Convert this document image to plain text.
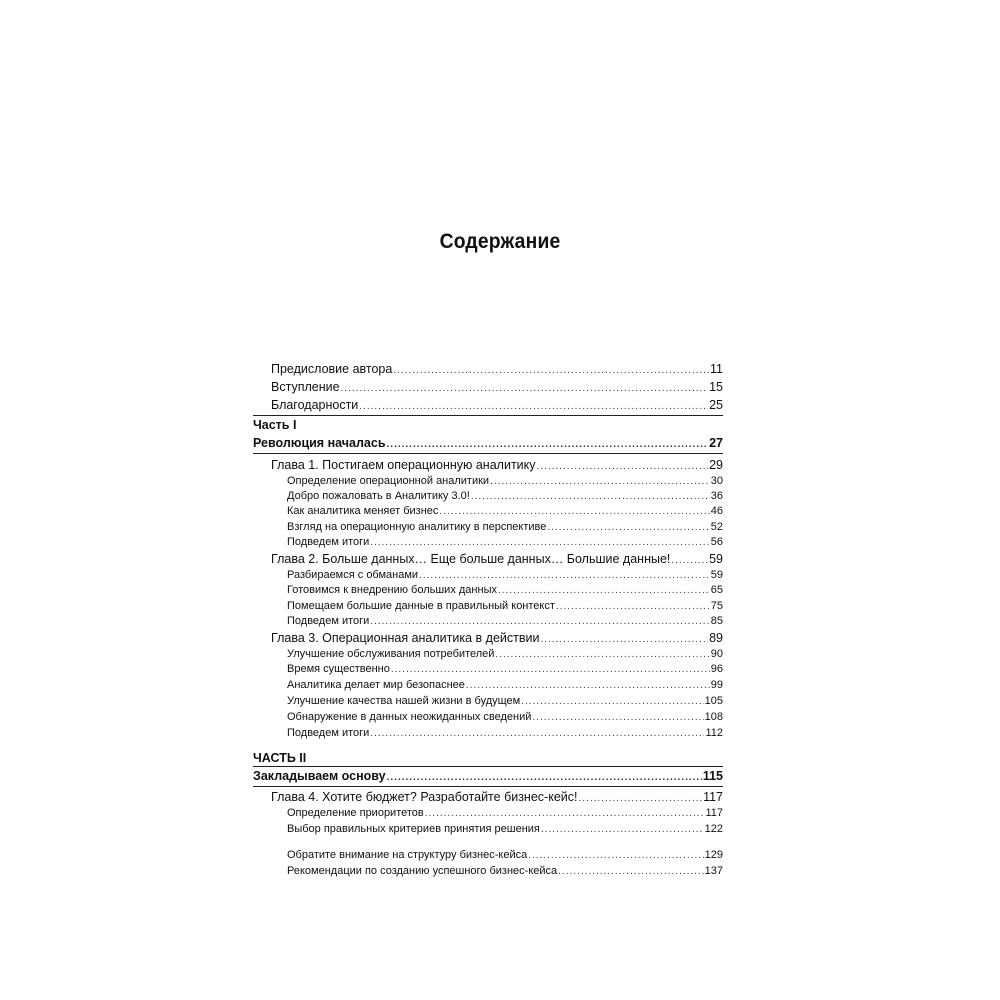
Содержание
Предисловие автора .....	11
Вступление .....	15
Благодарности .....	25
Часть I
Революция началась .....	27
Глава 1. Постигаем операционную аналитику .....	29
Определение операционной аналитики .....	30
Добро пожаловать в Аналитику 3.0! .....	36
Как аналитика меняет бизнес .....	46
Взгляд на операционную аналитику в перспективе .....	52
Подведем итоги .....	56
Глава 2. Больше данных… Еще больше данных… Большие данные! .....	59
Разбираемся с обманами .....	59
Готовимся к внедрению больших данных .....	65
Помещаем большие данные в правильный контекст .....	75
Подведем итоги .....	85
Глава 3. Операционная аналитика в действии .....	89
Улучшение обслуживания потребителей .....	90
Время существенно .....	96
Аналитика делает мир безопаснее .....	99
Улучшение качества нашей жизни в будущем .....	105
Обнаружение в данных неожиданных сведений .....	108
Подведем итоги .....	112
ЧАСТЬ II
Закладываем основу .....	115
Глава 4. Хотите бюджет? Разработайте бизнес-кейс! .....	117
Определение приоритетов .....	117
Выбор правильных критериев принятия решения .....	122
Обратите внимание на структуру бизнес-кейса .....	129
Рекомендации по созданию успешного бизнес-кейса .....	137
